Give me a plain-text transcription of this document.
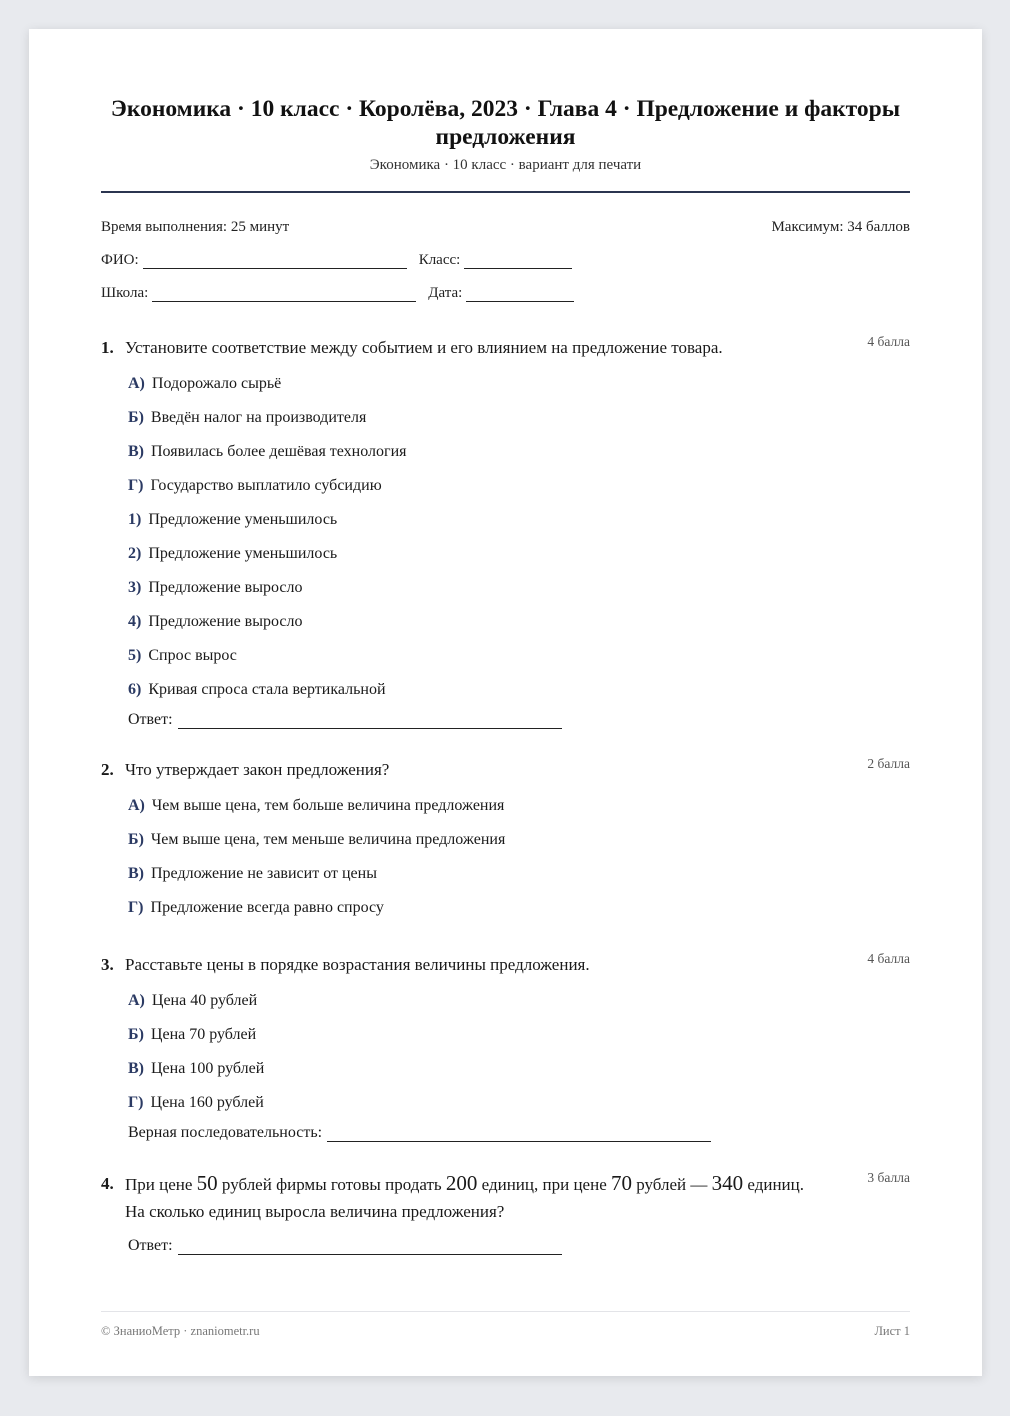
Экономика · 10 класс · Королёва, 2023 · Глава 4 · Предложение и факторы предложения
Экономика · 10 класс · вариант для печати
Время выполнения: 25 минут	Максимум: 34 баллов
ФИО:	Класс:
Школа:	Дата:
1. Установите соответствие между событием и его влиянием на предложение товара.	4 балла
А) Подорожало сырьё
Б) Введён налог на производителя
В) Появилась более дешёвая технология
Г) Государство выплатило субсидию
1) Предложение уменьшилось
2) Предложение уменьшилось
3) Предложение выросло
4) Предложение выросло
5) Спрос вырос
6) Кривая спроса стала вертикальной
Ответ:
2. Что утверждает закон предложения?	2 балла
А) Чем выше цена, тем больше величина предложения
Б) Чем выше цена, тем меньше величина предложения
В) Предложение не зависит от цены
Г) Предложение всегда равно спросу
3. Расставьте цены в порядке возрастания величины предложения.	4 балла
А) Цена 40 рублей
Б) Цена 70 рублей
В) Цена 100 рублей
Г) Цена 160 рублей
Верная последовательность:
4. При цене 50 рублей фирмы готовы продать 200 единиц, при цене 70 рублей — 340 единиц.
На сколько единиц выросла величина предложения?
3 балла
Ответ:
© ЗнаниоМетр · znaniometr.ru	Лист 1
